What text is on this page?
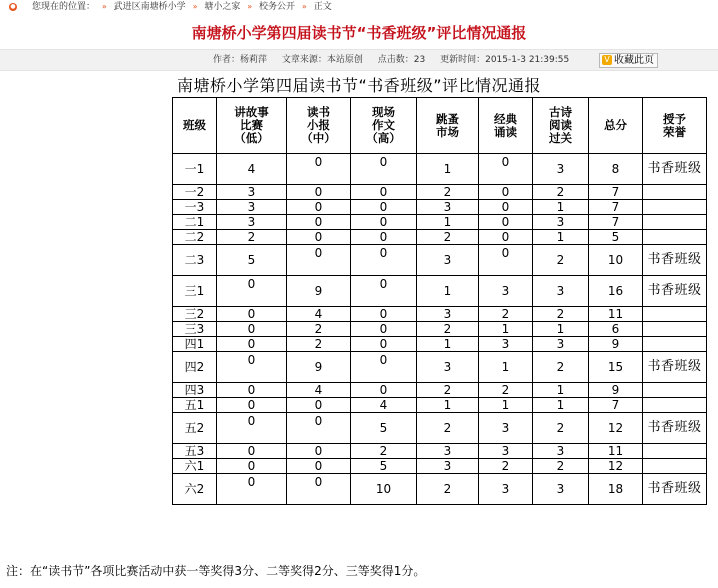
● 您现在的位置： » 武进区南塘桥小学 » 塘小之家 » 校务公开 » 正文
南塘桥小学第四届读书节“书香班级”评比情况通报
作者：杨莉萍 文章来源：本站原创 点击数：23 更新时间：2015-1-3 21:39:55	V 收藏此页
南塘桥小学第四届读书节“书香班级”评比情况通报
班级	讲故事
比赛
（低）	读书
小报
（中）	现场
作文
（高）	跳蚤
市场	经典
诵读	古诗
阅读
过关	总分	授予
荣誉
一1	4	0	0	1	0	3	8	书香班级
一2	3	0	0	2	0	2	7	
一3	3	0	0	3	0	1	7	
二1	3	0	0	1	0	3	7	
二2	2	0	0	2	0	1	5	
二3	5	0	0	3	0	2	10	书香班级
三1	0	9	0	1	3	3	16	书香班级
三2	0	4	0	3	2	2	11	
三3	0	2	0	2	1	1	6	
四1	0	2	0	1	3	3	9	
四2	0	9	0	3	1	2	15	书香班级
四3	0	4	0	2	2	1	9	
五1	0	0	4	1	1	1	7	
五2	0	0	5	2	3	2	12	书香班级
五3	0	0	2	3	3	3	11	
六1	0	0	5	3	2	2	12	
六2	0	0	10	2	3	3	18	书香班级
注：在“读书节”各项比赛活动中获一等奖得3分、二等奖得2分、三等奖得1分。
